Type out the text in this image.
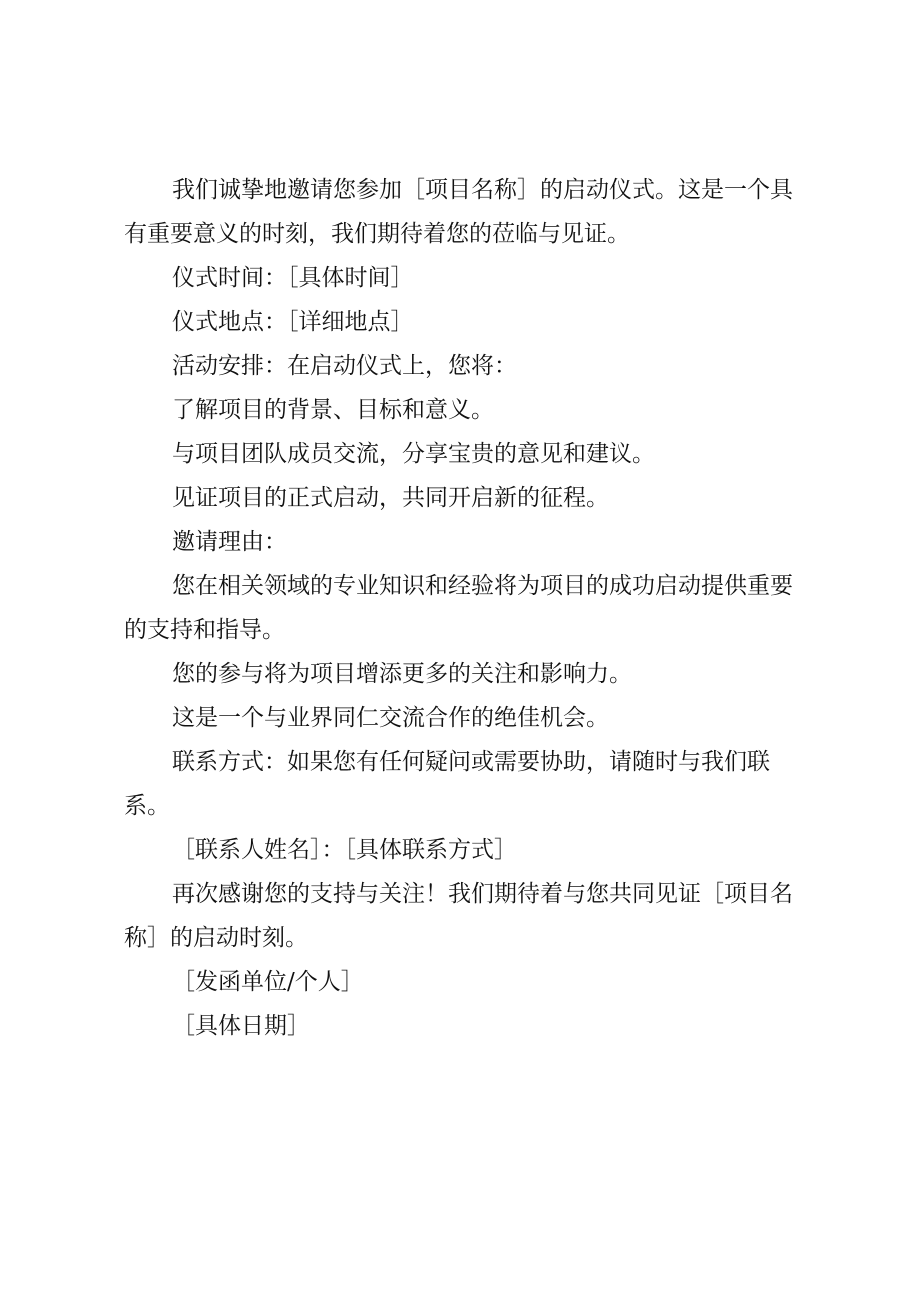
我们诚挚地邀请您参加［项目名称］的启动仪式。这是一个具有重要意义的时刻，我们期待着您的莅临与见证。

仪式时间：［具体时间］

仪式地点：［详细地点］

活动安排：在启动仪式上，您将：

了解项目的背景、目标和意义。

与项目团队成员交流，分享宝贵的意见和建议。

见证项目的正式启动，共同开启新的征程。

邀请理由：

您在相关领域的专业知识和经验将为项目的成功启动提供重要的支持和指导。

您的参与将为项目增添更多的关注和影响力。

这是一个与业界同仁交流合作的绝佳机会。

联系方式：如果您有任何疑问或需要协助，请随时与我们联系。

［联系人姓名］：［具体联系方式］

再次感谢您的支持与关注！我们期待着与您共同见证［项目名称］的启动时刻。

［发函单位/个人］

［具体日期］
